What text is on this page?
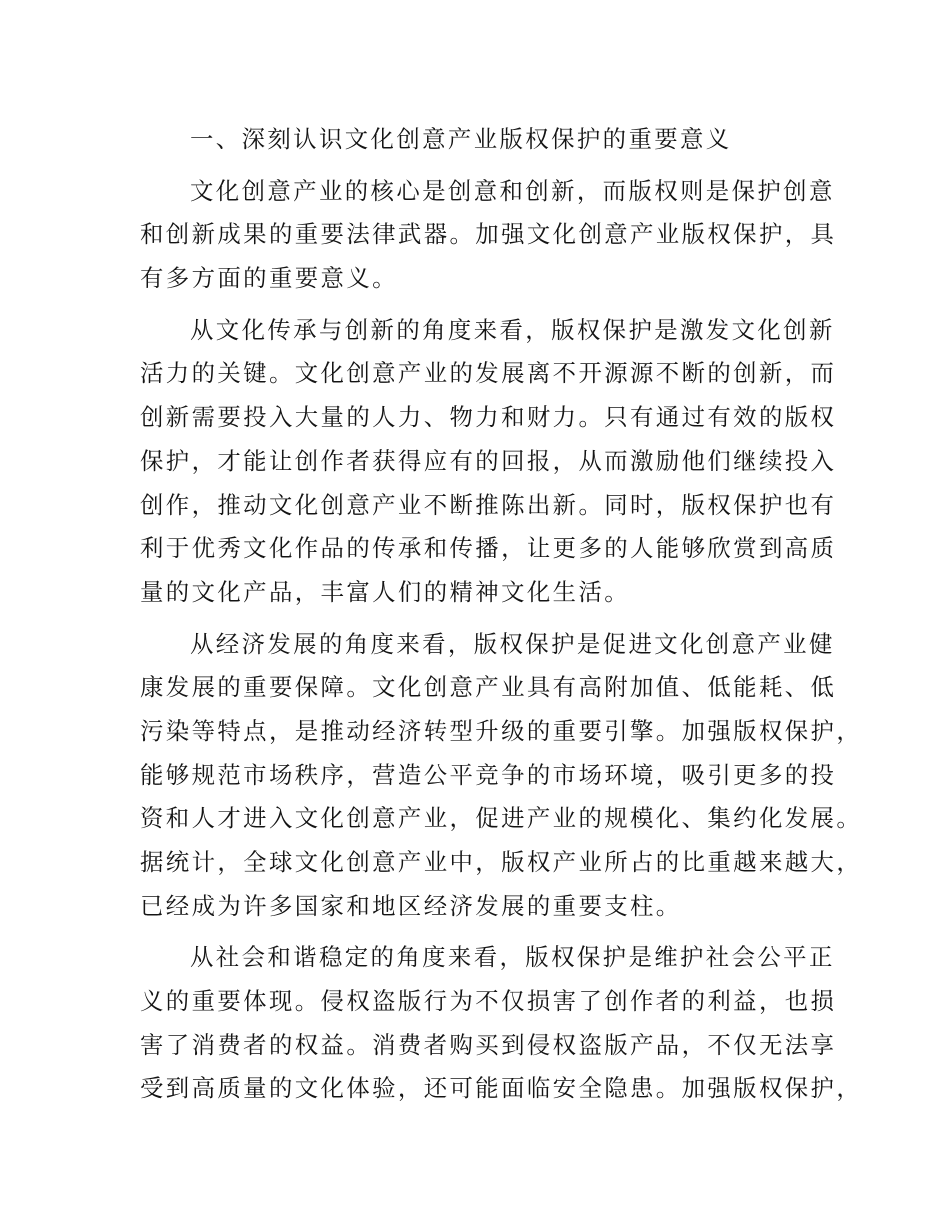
一、深刻认识文化创意产业版权保护的重要意义
文化创意产业的核心是创意和创新，而版权则是保护创意
和创新成果的重要法律武器。加强文化创意产业版权保护，具
有多方面的重要意义。
从文化传承与创新的角度来看，版权保护是激发文化创新
活力的关键。文化创意产业的发展离不开源源不断的创新，而
创新需要投入大量的人力、物力和财力。只有通过有效的版权
保护，才能让创作者获得应有的回报，从而激励他们继续投入
创作，推动文化创意产业不断推陈出新。同时，版权保护也有
利于优秀文化作品的传承和传播，让更多的人能够欣赏到高质
量的文化产品，丰富人们的精神文化生活。
从经济发展的角度来看，版权保护是促进文化创意产业健
康发展的重要保障。文化创意产业具有高附加值、低能耗、低
污染等特点，是推动经济转型升级的重要引擎。加强版权保护，
能够规范市场秩序，营造公平竞争的市场环境，吸引更多的投
资和人才进入文化创意产业，促进产业的规模化、集约化发展。
据统计，全球文化创意产业中，版权产业所占的比重越来越大，
已经成为许多国家和地区经济发展的重要支柱。
从社会和谐稳定的角度来看，版权保护是维护社会公平正
义的重要体现。侵权盗版行为不仅损害了创作者的利益，也损
害了消费者的权益。消费者购买到侵权盗版产品，不仅无法享
受到高质量的文化体验，还可能面临安全隐患。加强版权保护，
